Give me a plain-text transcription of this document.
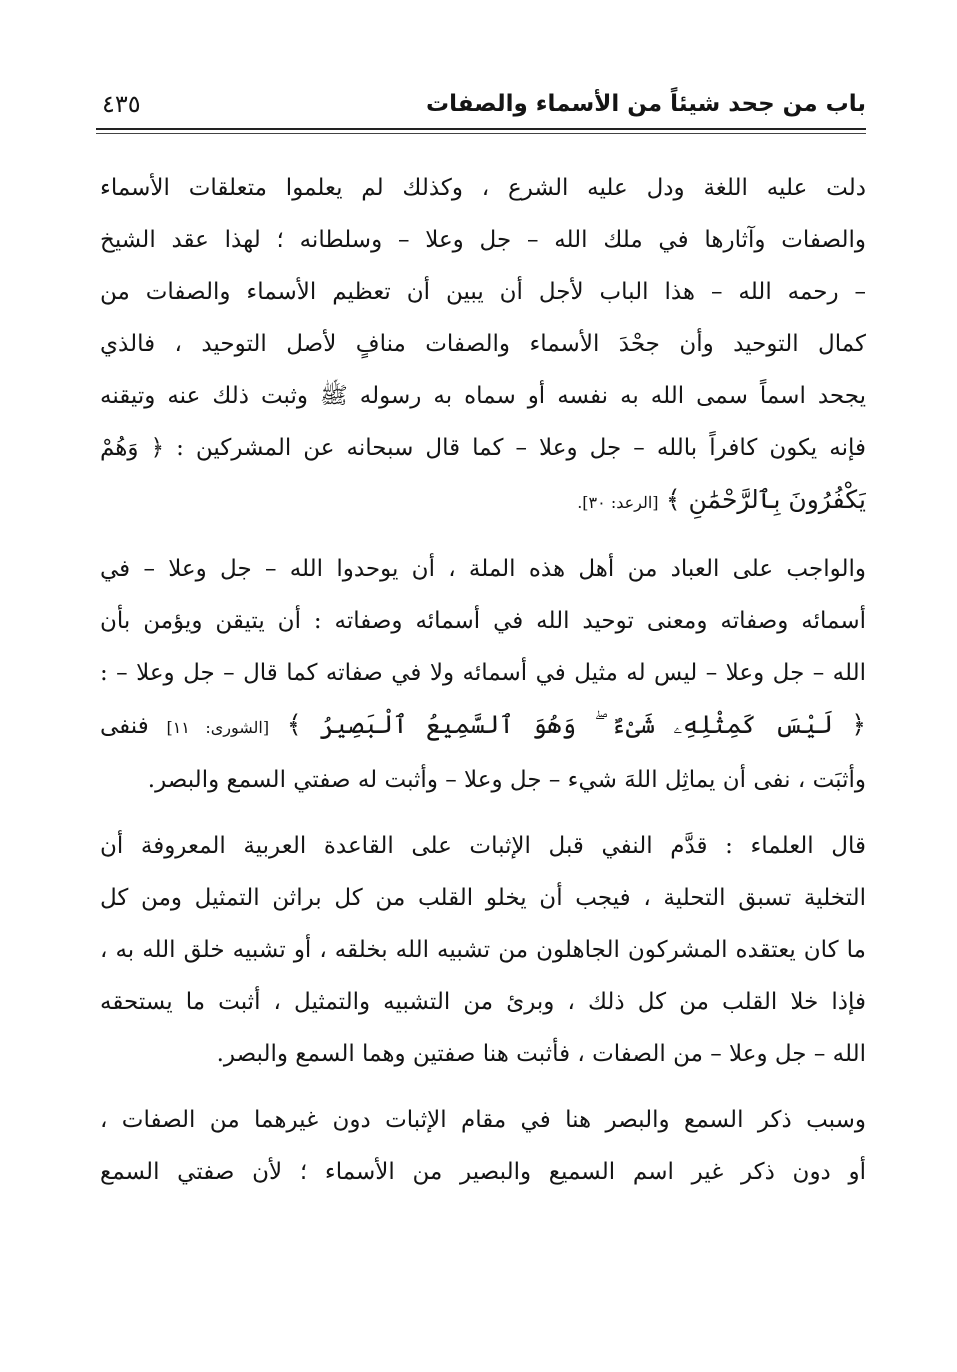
باب من جحد شيئاً من الأسماء والصفات
٤٣٥

دلت عليه اللغة ودل عليه الشرع ، وكذلك لم يعلموا متعلقات الأسماء
والصفات وآثارها في ملك الله – جل وعلا – وسلطانه ؛ لهذا عقد الشيخ
– رحمه الله – هذا الباب لأجل أن يبين أن تعظيم الأسماء والصفات من
كمال التوحيد وأن جحْدَ الأسماء والصفات منافٍ لأصل التوحيد ، فالذي
يجحد اسماً سمى الله به نفسه أو سماه به رسوله ﷺ وثبت ذلك عنه وتيقنه
فإنه يكون كافراً بالله – جل وعلا – كما قال سبحانه عن المشركين : ﴿ وَهُمْ
يَكْفُرُونَ بِٱلرَّحْمَٰنِ ﴾ [الرعد: ٣٠].

والواجب على العباد من أهل هذه الملة ، أن يوحدوا الله – جل وعلا – في
أسمائه وصفاته ومعنى توحيد الله في أسمائه وصفاته : أن يتيقن ويؤمن بأن
الله – جل وعلا – ليس له مثيل في أسمائه ولا في صفاته كما قال – جل وعلا – :
﴿ لَيْسَ كَمِثْلِهِۦ شَىْءٌ ۖ وَهُوَ ٱلسَّمِيعُ ٱلْبَصِيرُ ﴾ [الشورى: ١١] فنفى
وأثبَت ، نفى أن يماثِل اللهَ شيء – جل وعلا – وأثبت له صفتي السمع والبصر.

قال العلماء : قدَّم النفي قبل الإثبات على القاعدة العربية المعروفة أن
التخلية تسبق التحلية ، فيجب أن يخلو القلب من كل براثن التمثيل ومن كل
ما كان يعتقده المشركون الجاهلون من تشبيه الله بخلقه ، أو تشبيه خلق الله به ،
فإذا خلا القلب من كل ذلك ، وبرئ من التشبيه والتمثيل ، أثبت ما يستحقه
الله – جل وعلا – من الصفات ، فأثبت هنا صفتين وهما السمع والبصر.

وسبب ذكر السمع والبصر هنا في مقام الإثبات دون غيرهما من الصفات ،
أو دون ذكر غير اسم السميع والبصير من الأسماء ؛ لأن صفتي السمع
